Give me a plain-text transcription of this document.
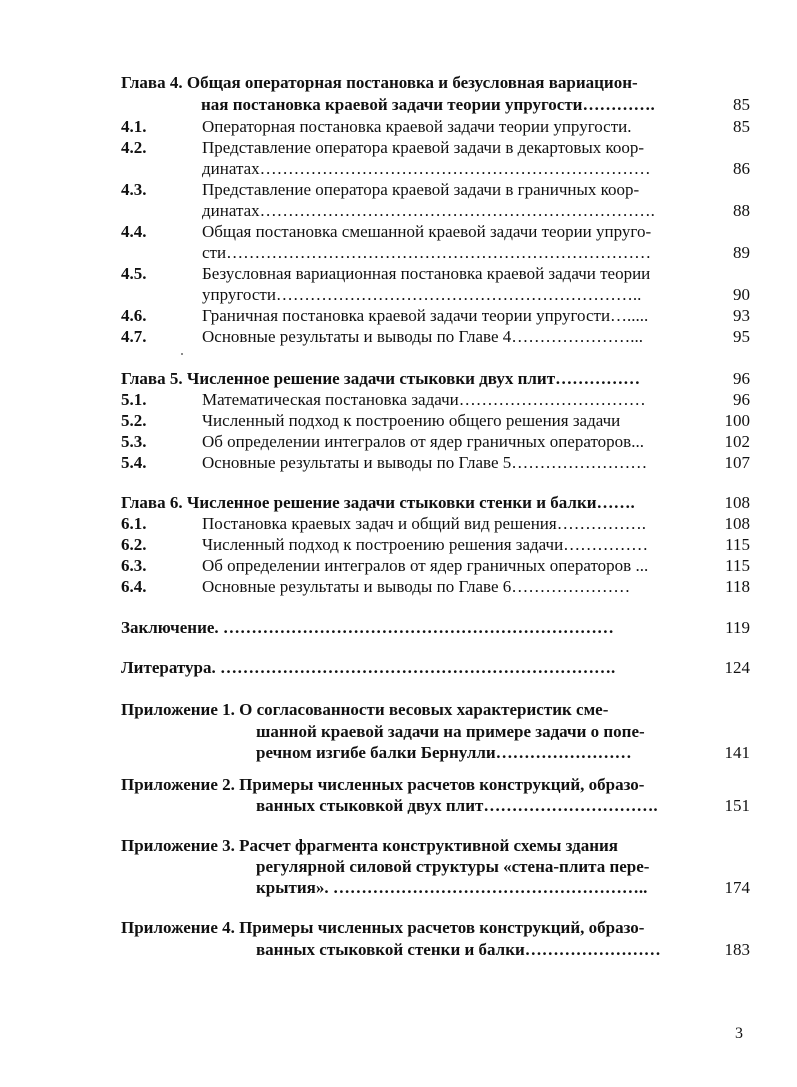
Глава 4. Общая операторная постановка и безусловная вариацион-
ная постановка краевой задачи теории упругости………….	85
4.1.	Операторная постановка краевой задачи теории упругости.	85
4.2.	Представление оператора краевой задачи в декартовых коор-
динатах……………………………………………………………	86
4.3.	Представление оператора краевой задачи в граничных коор-
динатах…………………………………………………………….	88
4.4.	Общая постановка смешанной краевой задачи теории упруго-
сти…………………………………………………………………	89
4.5.	Безусловная вариационная постановка краевой задачи теории
упругости………………………………………………………..	90
4.6.	Граничная постановка краевой задачи теории упругости….....	93
4.7.	Основные результаты и выводы по Главе 4…………………...	95
Глава 5. Численное решение задачи стыковки двух плит……………	96
5.1.	Математическая постановка задачи……………………………	96
5.2.	Численный подход к построению общего решения задачи	100
5.3.	Об определении интегралов от ядер граничных операторов...	102
5.4.	Основные результаты и выводы по Главе 5……………………	107
Глава 6. Численное решение задачи стыковки стенки и балки…….	108
6.1.	Постановка краевых задач и общий вид решения…………….	108
6.2.	Численный подход к построению решения задачи……………	115
6.3.	Об определении интегралов от ядер граничных операторов ...	115
6.4.	Основные результаты и выводы по Главе 6…………………	118
Заключение. ……………………………………………………………	119
Литература. …………………………………………………………….	124
Приложение 1. О согласованности весовых характеристик сме-
шанной краевой задачи на примере задачи о попе-
речном изгибе балки Бернулли……………………	141
Приложение 2. Примеры численных расчетов конструкций, образо-
ванных стыковкой двух плит………………………….	151
Приложение 3. Расчет фрагмента конструктивной схемы здания
регулярной силовой структуры «стена-плита пере-
крытия». ………………………………………………..	174
Приложение 4. Примеры численных расчетов конструкций, образо-
ванных стыковкой стенки и балки……………………	183
3
